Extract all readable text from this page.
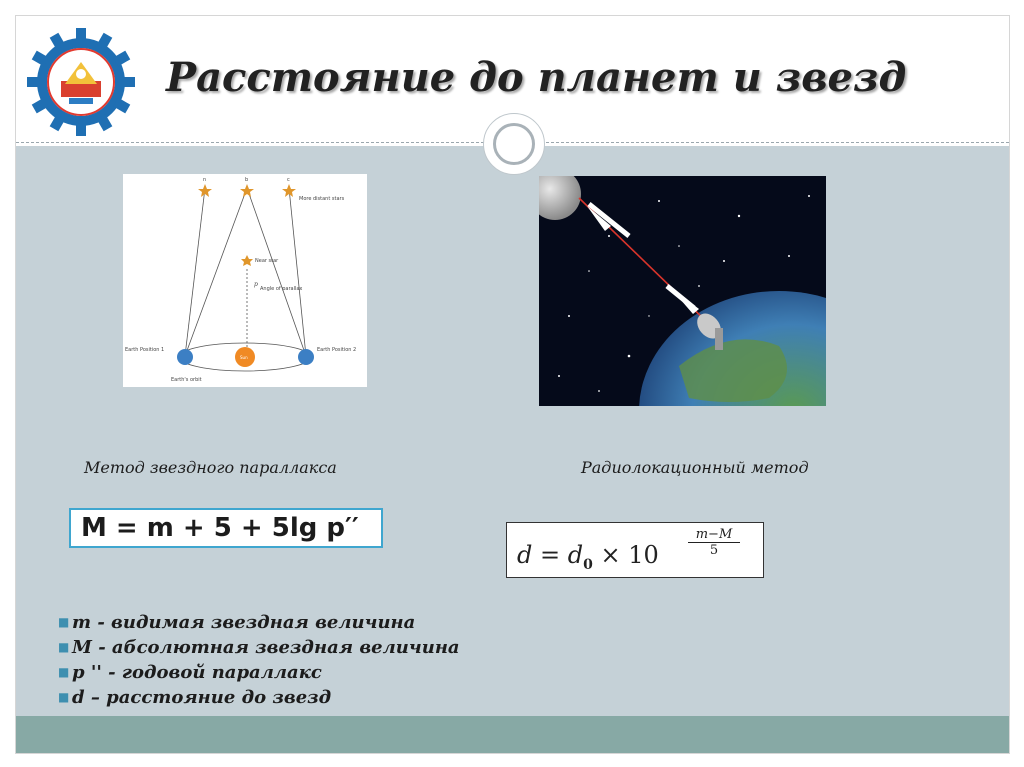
Расстояние до планет и звезд
n	b	c
More distant stars
Near star
Angle of parallax
p
Sun
Earth Position 1	Earth Position 2
Earth's orbit
Метод звездного параллакса	Радиолокационный метод
M = m + 5 + 5lg p′′
$d = d_0 \times 10 \frac{m-M}{5}$
■ m - видимая звездная величина
■ M - абсолютная звездная величина
■ p '' - годовой параллакс
■ d – расстояние до звезд
